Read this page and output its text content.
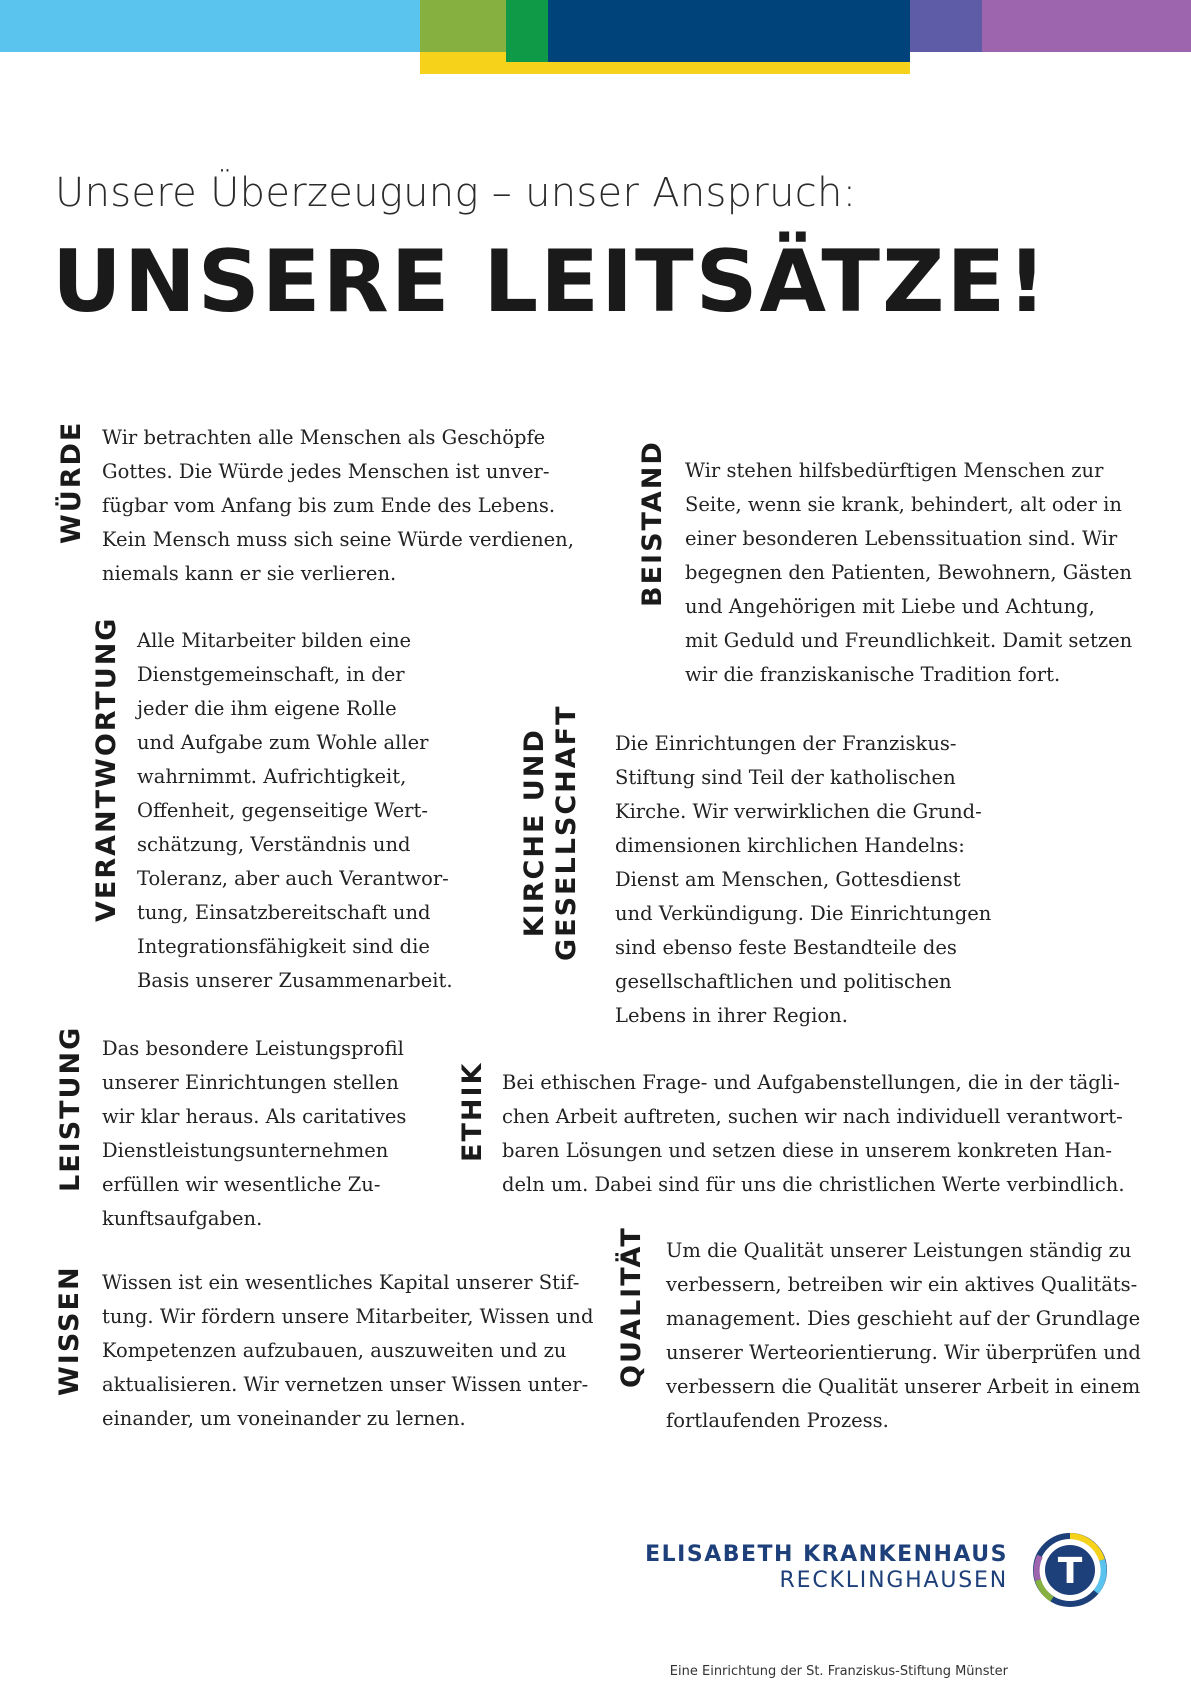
Unsere Überzeugung – unser Anspruch:
UNSERE LEITSÄTZE!
WÜRDE Wir betrachten alle Menschen als Geschöpfe
Gottes. Die Würde jedes Menschen ist unver-
fügbar vom Anfang bis zum Ende des Lebens.
Kein Mensch muss sich seine Würde verdienen,
niemals kann er sie verlieren.	BEISTAND Wir stehen hilfsbedürftigen Menschen zur
Seite, wenn sie krank, behindert, alt oder in
einer besonderen Lebenssituation sind. Wir
begegnen den Patienten, Bewohnern, Gästen
und Angehörigen mit Liebe und Achtung,
mit Geduld und Freundlichkeit. Damit setzen
wir die franziskanische Tradition fort.
VERANTWORTUNG Alle Mitarbeiter bilden eine
Dienstgemeinschaft, in der
jeder die ihm eigene Rolle
und Aufgabe zum Wohle aller
wahrnimmt. Aufrichtigkeit,
Offenheit, gegenseitige Wert-
schätzung, Verständnis und
Toleranz, aber auch Verantwor-
tung, Einsatzbereitschaft und
Integrationsfähigkeit sind die
Basis unserer Zusammenarbeit.
KIRCHE UND GESELLSCHAFT Die Einrichtungen der Franziskus-
Stiftung sind Teil der katholischen
Kirche. Wir verwirklichen die Grund-
dimensionen kirchlichen Handelns:
Dienst am Menschen, Gottesdienst
und Verkündigung. Die Einrichtungen
sind ebenso feste Bestandteile des
gesellschaftlichen und politischen
Lebens in ihrer Region.
LEISTUNG Das besondere Leistungsprofil
unserer Einrichtungen stellen
wir klar heraus. Als caritatives
Dienstleistungsunternehmen
erfüllen wir wesentliche Zu-
kunftsaufgaben.
ETHIK Bei ethischen Frage- und Aufgabenstellungen, die in der tägli-
chen Arbeit auftreten, suchen wir nach individuell verantwort-
baren Lösungen und setzen diese in unserem konkreten Han-
deln um. Dabei sind für uns die christlichen Werte verbindlich.
WISSEN Wissen ist ein wesentliches Kapital unserer Stif-
tung. Wir fördern unsere Mitarbeiter, Wissen und
Kompetenzen aufzubauen, auszuweiten und zu
aktualisieren. Wir vernetzen unser Wissen unter-
einander, um voneinander zu lernen.
QUALITÄT Um die Qualität unserer Leistungen ständig zu
verbessern, betreiben wir ein aktives Qualitäts-
management. Dies geschieht auf der Grundlage
unserer Werteorientierung. Wir überprüfen und
verbessern die Qualität unserer Arbeit in einem
fortlaufenden Prozess.
ELISABETH KRANKENHAUS
RECKLINGHAUSEN T
Eine Einrichtung der St. Franziskus-Stiftung Münster
